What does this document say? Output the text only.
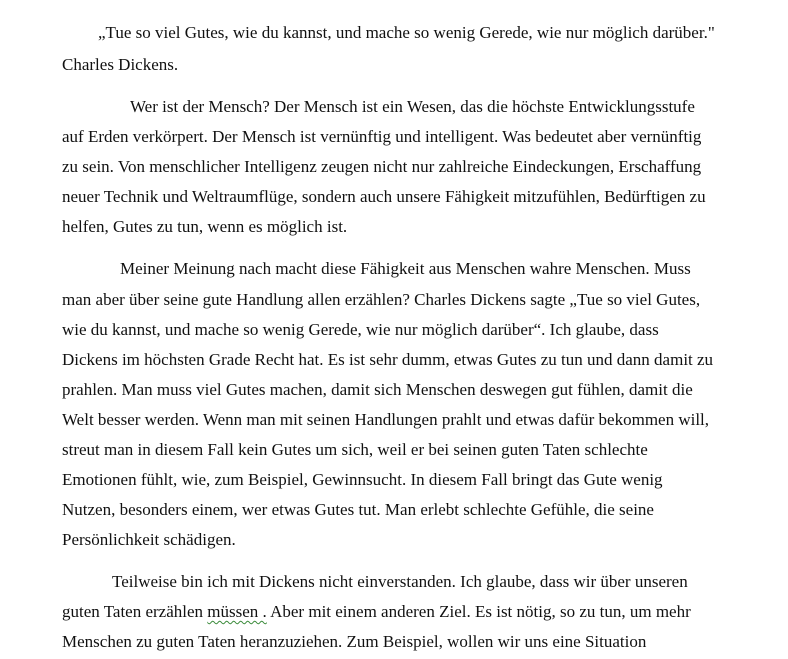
„Tue so viel Gutes, wie du kannst, und mache so wenig Gerede, wie nur möglich darüber."
Charles Dickens.
Wer ist der Mensch? Der Mensch ist ein Wesen, das die höchste Entwicklungsstufe
auf Erden verkörpert. Der Mensch ist vernünftig und intelligent. Was bedeutet aber vernünftig
zu sein. Von menschlicher Intelligenz zeugen nicht nur zahlreiche Eindeckungen, Erschaffung
neuer Technik und Weltraumflüge, sondern auch unsere Fähigkeit mitzufühlen, Bedürftigen zu
helfen, Gutes zu tun, wenn es möglich ist.
Meiner Meinung nach macht diese Fähigkeit aus Menschen wahre Menschen. Muss
man aber über seine gute Handlung allen erzählen? Charles Dickens sagte „Tue so viel Gutes,
wie du kannst, und mache so wenig Gerede, wie nur möglich darüber“. Ich glaube, dass
Dickens im höchsten Grade Recht hat. Es ist sehr dumm, etwas Gutes zu tun und dann damit zu
prahlen. Man muss viel Gutes machen, damit sich Menschen deswegen gut fühlen, damit die
Welt besser werden. Wenn man mit seinen Handlungen prahlt und etwas dafür bekommen will,
streut man in diesem Fall kein Gutes um sich, weil er bei seinen guten Taten schlechte
Emotionen fühlt, wie, zum Beispiel, Gewinnsucht. In diesem Fall bringt das Gute wenig
Nutzen, besonders einem, wer etwas Gutes tut. Man erlebt schlechte Gefühle, die seine
Persönlichkeit schädigen.
Teilweise bin ich mit Dickens nicht einverstanden. Ich glaube, dass wir über unseren
guten Taten erzählen müssen . Aber mit einem anderen Ziel. Es ist nötig, so zu tun, um mehr
Menschen zu guten Taten heranzuziehen. Zum Beispiel, wollen wir uns eine Situation
